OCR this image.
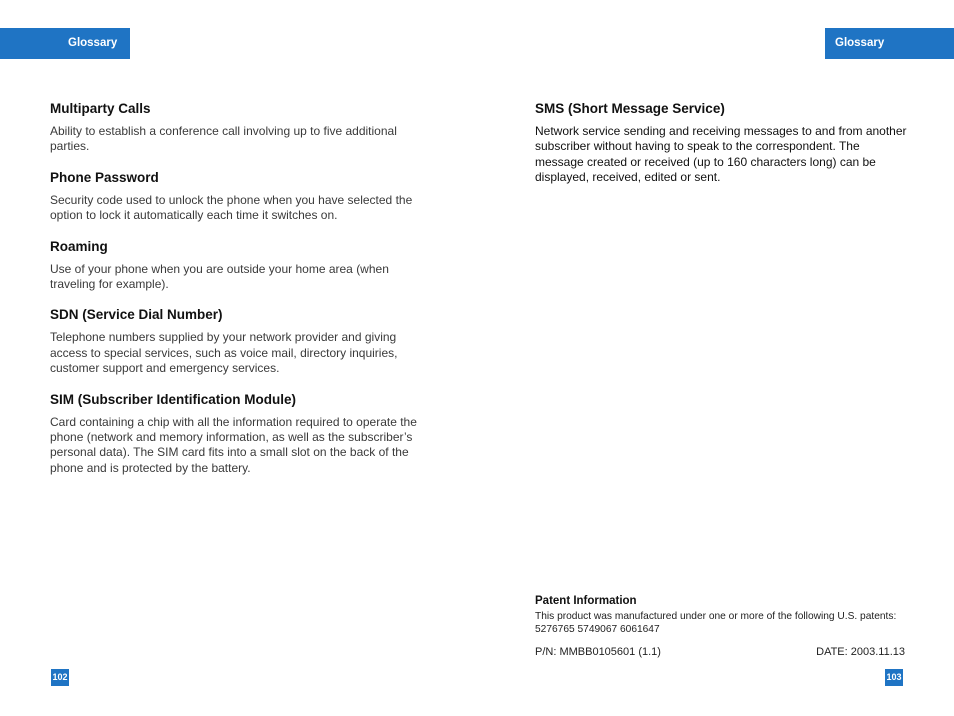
Glossary	Glossary
Multiparty Calls

Ability to establish a conference call involving up to five additional parties.

Phone Password

Security code used to unlock the phone when you have selected the option to lock it automatically each time it switches on.

Roaming

Use of your phone when you are outside your home area (when traveling for example).

SDN (Service Dial Number)

Telephone numbers supplied by your network provider and giving access to special services, such as voice mail, directory inquiries, customer support and emergency services.

SIM (Subscriber Identification Module)

Card containing a chip with all the information required to operate the phone (network and memory information, as well as the subscriber’s personal data). The SIM card fits into a small slot on the back of the phone and is protected by the battery.

SMS (Short Message Service)

Network service sending and receiving messages to and from another subscriber without having to speak to the correspondent. The message created or received (up to 160 characters long) can be displayed, received, edited or sent.

Patent Information
This product was manufactured under one or more of the following U.S. patents: 5276765 5749067 6061647
P/N: MMBB0105601 (1.1)	DATE: 2003.11.13
102	103
